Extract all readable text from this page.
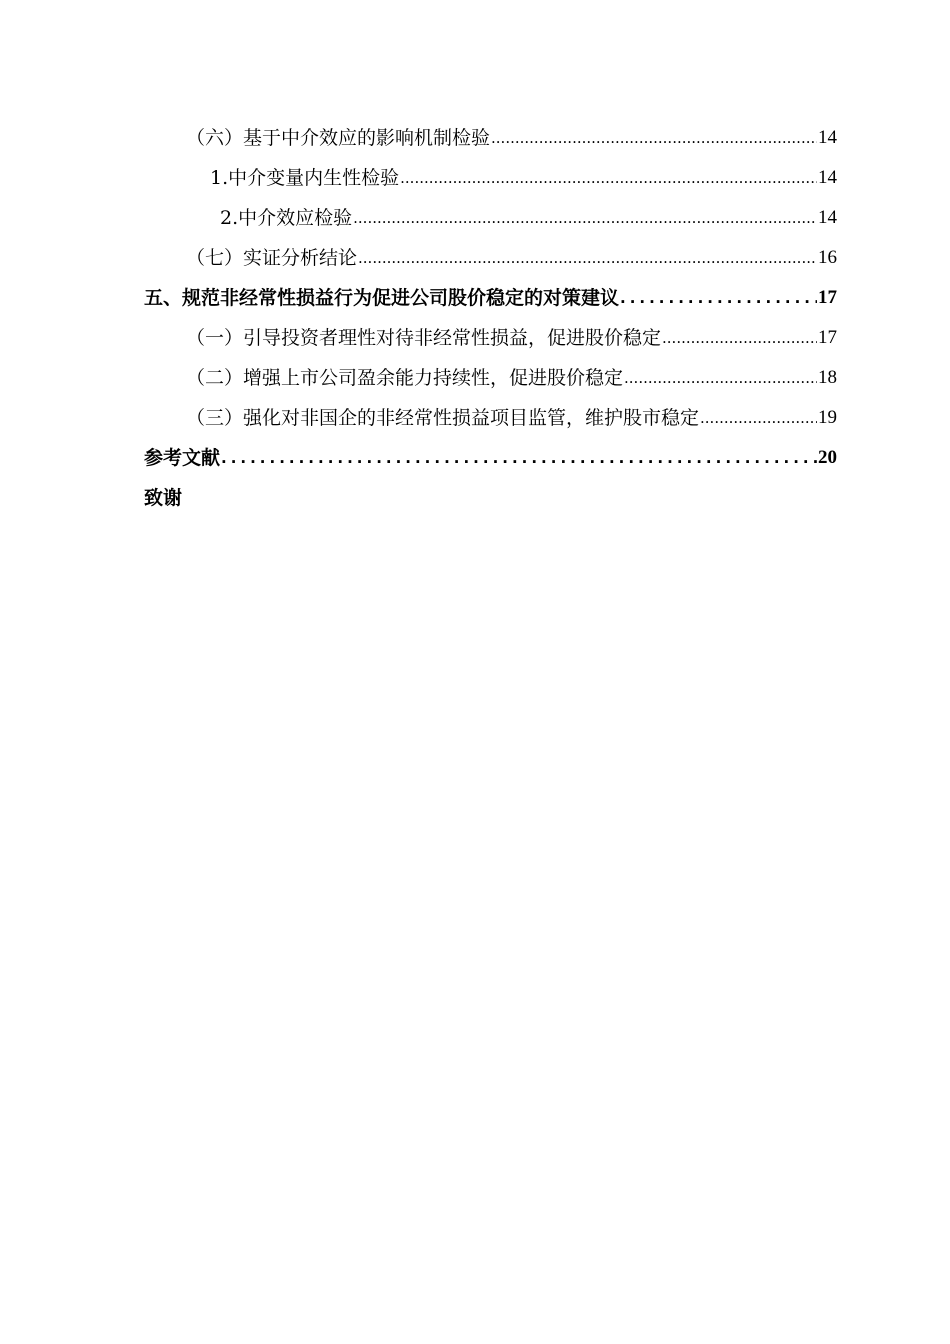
（六）基于中介效应的影响机制检验 .....	14
1.中介变量内生性检验 .....	14
2.中介效应检验 .....	14
（七）实证分析结论 .....	16
五、规范非经常性损益行为促进公司股价稳定的对策建议 .....	17
（一）引导投资者理性对待非经常性损益，促进股价稳定 .....	17
（二）增强上市公司盈余能力持续性，促进股价稳定 .....	18
（三）强化对非国企的非经常性损益项目监管，维护股市稳定 .....	19
参考文献 .....	20
致谢
